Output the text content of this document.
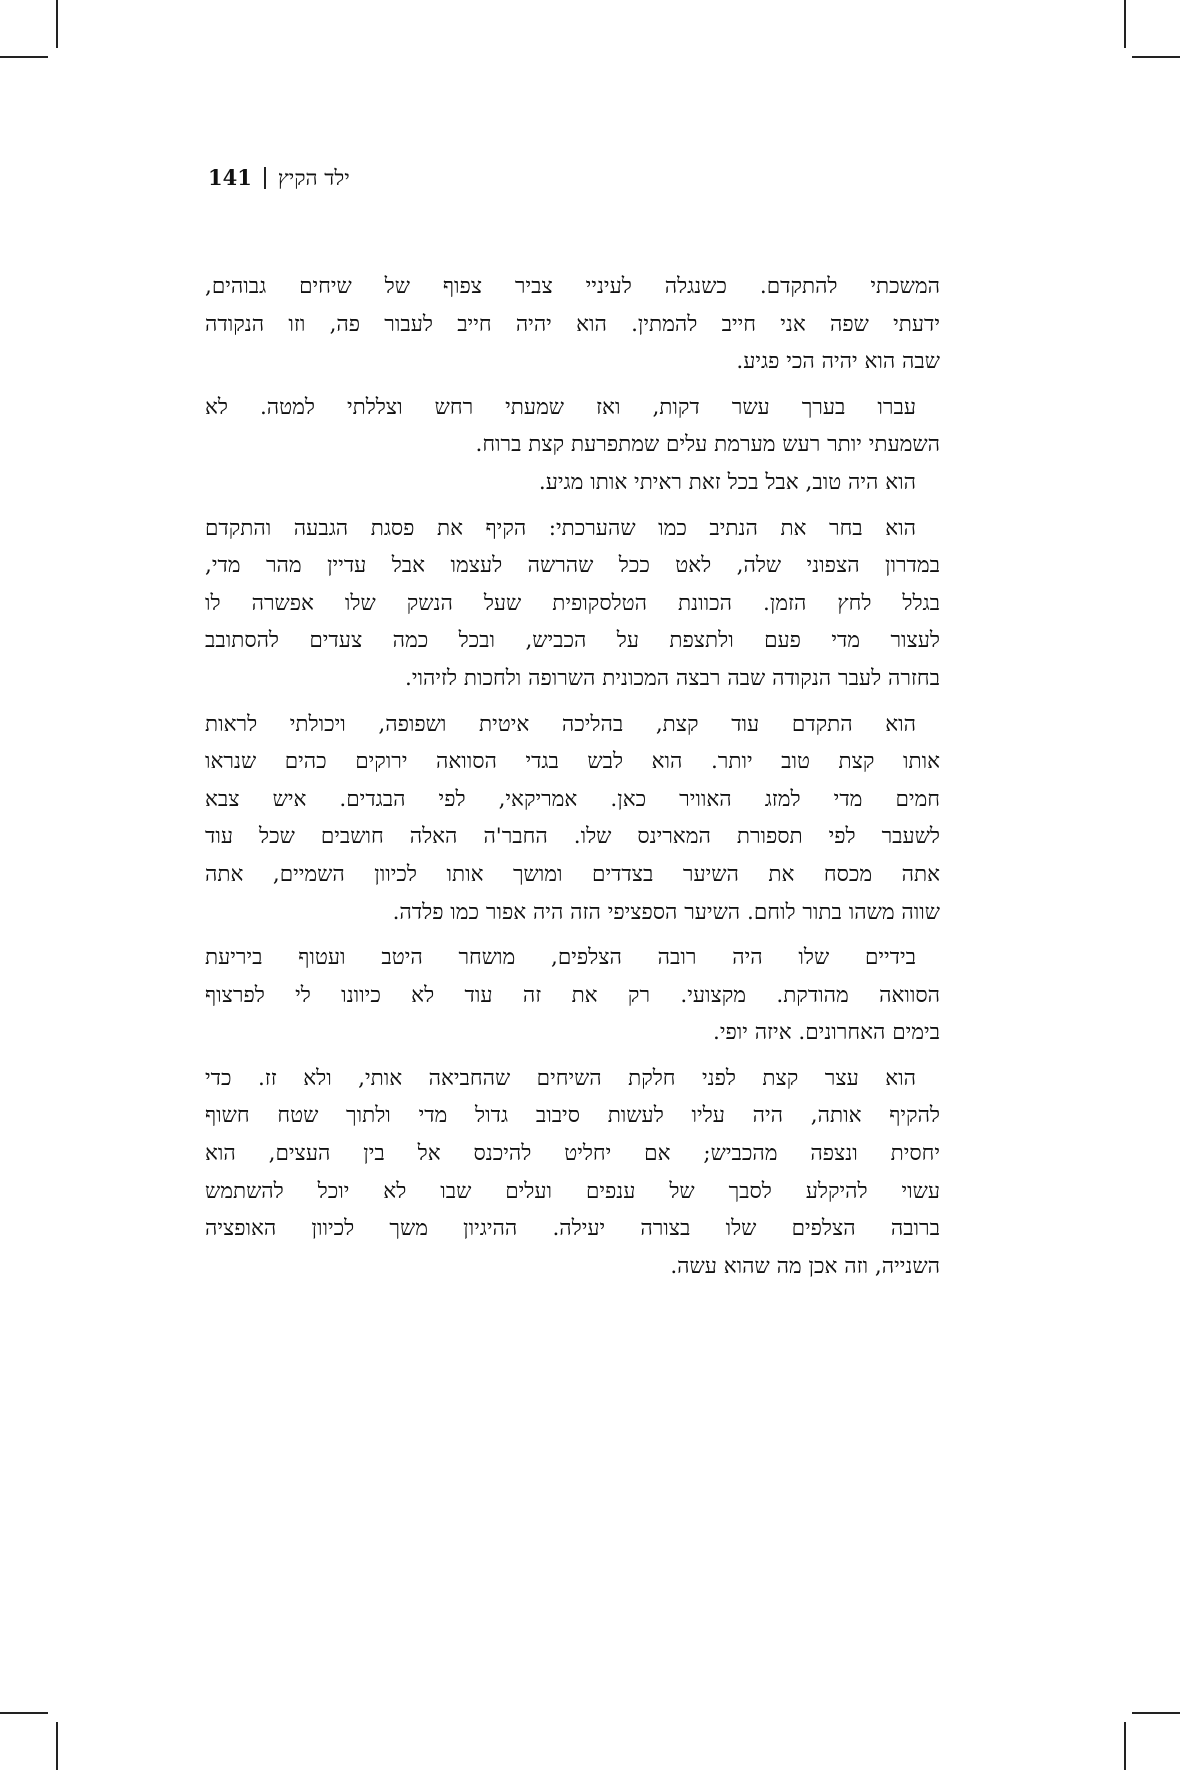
141 ילד הקיץ
המשכתי להתקדם. כשנגלה לעיניי צביר צפוף של שיחים גבוהים,
ידעתי שפה אני חייב להמתין. הוא יהיה חייב לעבור פה, וזו הנקודה
שבה הוא יהיה הכי פגיע.
עברו בערך עשר דקות, ואז שמעתי רחש וצללתי למטה. לא
השמעתי יותר רעש מערמת עלים שמתפרעת קצת ברוח.
הוא היה טוב, אבל בכל זאת ראיתי אותו מגיע.
הוא בחר את הנתיב כמו שהערכתי: הקיף את פסגת הגבעה והתקדם
במדרון הצפוני שלה, לאט ככל שהרשה לעצמו אבל עדיין מהר מדי,
בגלל לחץ הזמן. הכוונת הטלסקופית שעל הנשק שלו אפשרה לו
לעצור מדי פעם ולתצפת על הכביש, ובכל כמה צעדים להסתובב
בחזרה לעבר הנקודה שבה רבצה המכונית השרופה ולחכות לזיהוי.
הוא התקדם עוד קצת, בהליכה איטית ושפופה, ויכולתי לראות
אותו קצת טוב יותר. הוא לבש בגדי הסוואה ירוקים כהים שנראו
חמים מדי למזג האוויר כאן. אמריקאי, לפי הבגדים. איש צבא
לשעבר לפי תספורת המארינס שלו. החבר'ה האלה חושבים שכל עוד
אתה מכסח את השיער בצדדים ומושך אותו לכיוון השמיים, אתה
שווה משהו בתור לוחם. השיער הספציפי הזה היה אפור כמו פלדה.
בידיים שלו היה רובה הצלפים, מושחר היטב ועטוף ביריעת
הסוואה מהודקת. מקצועי. רק את זה עוד לא כיוונו לי לפרצוף
בימים האחרונים. איזה יופי.
הוא עצר קצת לפני חלקת השיחים שהחביאה אותי, ולא זז. כדי
להקיף אותה, היה עליו לעשות סיבוב גדול מדי ולתוך שטח חשוף
יחסית ונצפה מהכביש; אם יחליט להיכנס אל בין העצים, הוא
עשוי להיקלע לסבך של ענפים ועלים שבו לא יוכל להשתמש
ברובה הצלפים שלו בצורה יעילה. ההיגיון משך לכיוון האופציה
השנייה, וזה אכן מה שהוא עשה.
